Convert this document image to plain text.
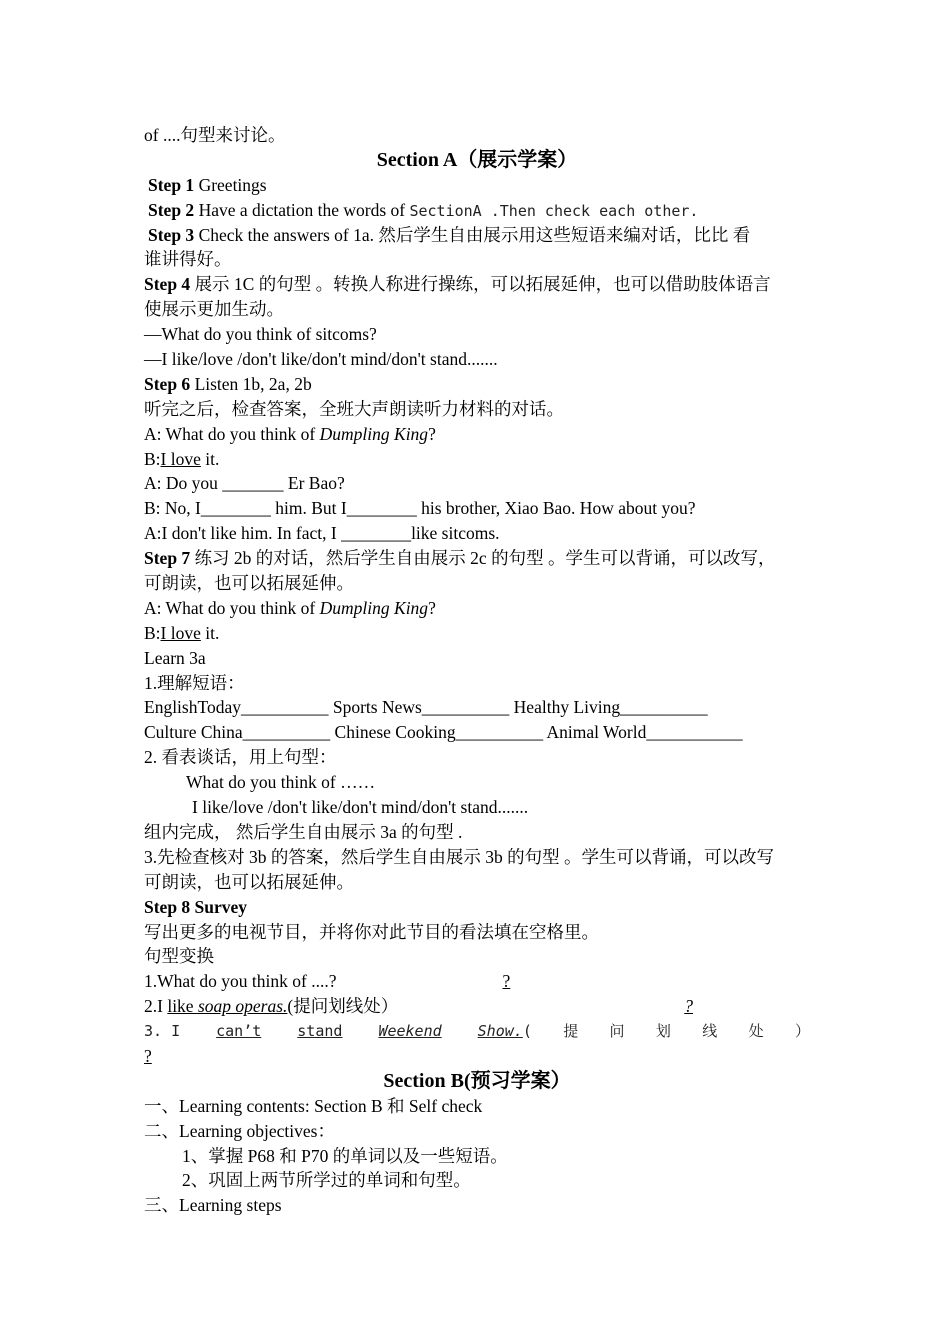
of ....句型来讨论。
Section A（展示学案）
Step 1 Greetings
Step 2 Have a dictation the words of SectionA .Then check each other.
Step 3 Check the answers of 1a. 然后学生自由展示用这些短语来编对话，比比 看
谁讲得好。
Step 4 展示 1C 的句型 。转换人称进行操练，可以拓展延伸，也可以借助肢体语言
使展示更加生动。
—What do you think of sitcoms?
—I like/love /don't like/don't mind/don't stand.......
Step 6 Listen 1b, 2a, 2b
听完之后，检查答案，全班大声朗读听力材料的对话。
A: What do you think of Dumpling King?
B:I love it.
A: Do you _______ Er Bao?
B: No, I________ him. But I________ his brother, Xiao Bao. How about you?
A:I don't like him. In fact, I ________like sitcoms.
Step 7 练习 2b 的对话，然后学生自由展示 2c 的句型 。学生可以背诵，可以改写，
可朗读，也可以拓展延伸。
A: What do you think of Dumpling King?
B:I love it.
Learn 3a
1.理解短语：
EnglishToday__________ Sports News__________ Healthy Living__________
Culture China__________ Chinese Cooking__________ Animal World___________
2. 看表谈话，用上句型：
What do you think of ……
I like/love /don't like/don't mind/don't stand.......
组内完成， 然后学生自由展示 3a 的句型 .
3.先检查核对 3b 的答案，然后学生自由展示 3b 的句型 。学生可以背诵，可以改写
可朗读，也可以拓展延伸。
Step 8 Survey
写出更多的电视节目，并将你对此节目的看法填在空格里。
句型变换
1.What do you think of ....?	?
2.I like soap operas.(提问划线处）	?
3. I can’t stand Weekend Show.( 提 问 划 线 处 ）
?
Section B(预习学案）
一、Learning contents: Section B 和 Self check
二、Learning objectives：
1、掌握 P68 和 P70 的单词以及一些短语。
2、巩固上两节所学过的单词和句型。
三、Learning steps
